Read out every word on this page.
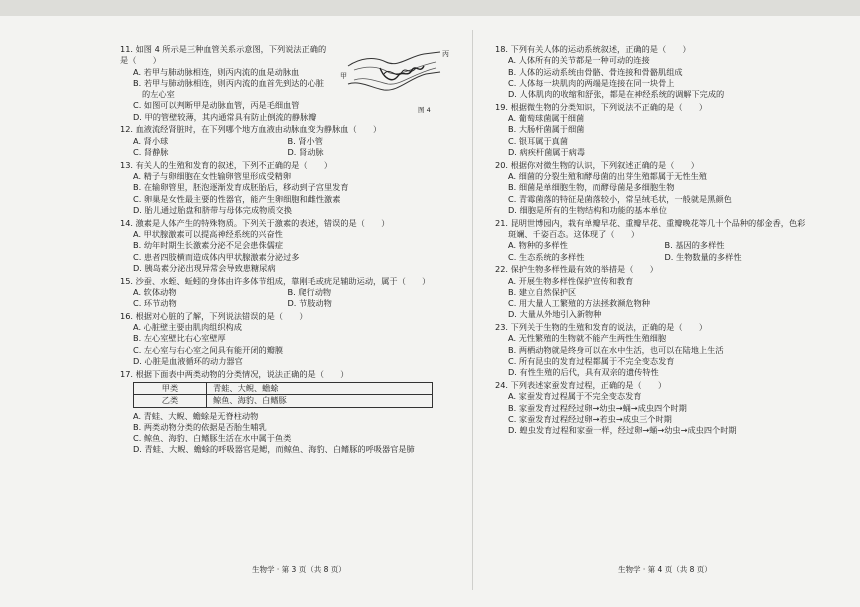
11. 如图 4 所示是三种血管关系示意图，下列说法正确的
是（　　）
A. 若甲与肺动脉相连，则丙内流的血是动脉血
B. 若甲与肺动脉相连，则丙内流的血首先到达的心脏
的左心室
C. 如图可以判断甲是动脉血管，丙是毛细血管
D. 甲的管壁较薄，其内通常具有防止倒流的静脉瓣
12. 血液流经肾脏时，在下列哪个地方血液由动脉血变为静脉血（　　）
A. 肾小球	B. 肾小管
C. 肾静脉	D. 肾动脉
13. 有关人的生殖和发育的叙述，下列不正确的是（　　）
A. 精子与卵细胞在女性输卵管里形成受精卵
B. 在输卵管里，胚泡逐渐发育成胚胎后，移动到子宫里发育
C. 卵巢是女性最主要的性器官，能产生卵细胞和雌性激素
D. 胎儿通过胎盘和脐带与母体完成物质交换
14. 激素是人体产生的特殊物质。下列关于激素的表述，错误的是（　　）
A. 甲状腺激素可以提高神经系统的兴奋性
B. 幼年时期生长激素分泌不足会患侏儒症
C. 患者四肢横而造成体内甲状腺激素分泌过多
D. 胰岛素分泌出现异常会导致患糖尿病
15. 沙蚕、水蛭、蚯蚓的身体由许多体节组成，靠刚毛或疣足辅助运动，属于（　　）
A. 软体动物	B. 爬行动物
C. 环节动物	D. 节肢动物
16. 根据对心脏的了解，下列说法错误的是（　　）
A. 心脏壁主要由肌肉组织构成
B. 左心室壁比右心室壁厚
C. 左心室与右心室之间具有能开闭的瓣膜
D. 心脏是血液循环的动力器官
17. 根据下面表中两类动物的分类情况，说法正确的是（　　）
甲类	青蛙、大鲵、蟾蜍
乙类	鲸鱼、海豹、白鳍豚
A. 青蛙、大鲵、蟾蜍是无脊柱动物
B. 两类动物分类的依据是否胎生哺乳
C. 鲸鱼、海豹、白鳍豚生活在水中属于鱼类
D. 青蛙、大鲵、蟾蜍的呼吸器官是鳃，而鲸鱼、海豹、白鳍豚的呼吸器官是肺
甲
丙
图 4
18. 下列有关人体的运动系统叙述，正确的是（　　）
A. 人体所有的关节都是一种可动的连接
B. 人体的运动系统由骨骼、骨连接和骨骼肌组成
C. 人体每一块肌肉的两端是连接在同一块骨上
D. 人体肌肉的收缩和舒张，都是在神经系统的调解下完成的
19. 根据微生物的分类知识，下列说法不正确的是（　　）
A. 葡萄球菌属于细菌
B. 大肠杆菌属于细菌
C. 银耳属于真菌
D. 病疾杆菌属于病毒
20. 根据你对微生物的认识，下列叙述正确的是（　　）
A. 细菌的分裂生殖和酵母菌的出芽生殖都属于无性生殖
B. 细菌是单细胞生物，而酵母菌是多细胞生物
C. 青霉菌落的特征是菌落较小，常呈绒毛状，一般就是黑颜色
D. 细胞是所有的生物结构和功能的基本单位
21. 昆明世博园内，栽有单瓣早花、重瓣早花、重瓣晚花等几十个品种的郁金香，色彩
斑斓、千姿百态。这体现了（　　）
A. 物种的多样性	B. 基因的多样性
C. 生态系统的多样性	D. 生物数量的多样性
22. 保护生物多样性最有效的举措是（　　）
A. 开展生物多样性保护宣传和教育
B. 建立自然保护区
C. 用大量人工繁殖的方法拯救濒危物种
D. 大量从外地引入新物种
23. 下列关于生物的生殖和发育的说法，正确的是（　　）
A. 无性繁殖的生物就不能产生两性生殖细胞
B. 两栖动物就是终身可以在水中生活，也可以在陆地上生活
C. 所有昆虫的发育过程都属于不完全变态发育
D. 有性生殖的后代，具有双亲的遗传特性
24. 下列表述家蚕发育过程，正确的是（　　）
A. 家蚕发育过程属于不完全变态发育
B. 家蚕发育过程经过卵→幼虫→蛹→成虫四个时期
C. 家蚕发育过程经过卵→若虫→成虫三个时期
D. 蝗虫发育过程和家蚕一样，经过卵→蛹→幼虫→成虫四个时期
生物学 · 第 3 页（共 8 页）	生物学 · 第 4 页（共 8 页）
